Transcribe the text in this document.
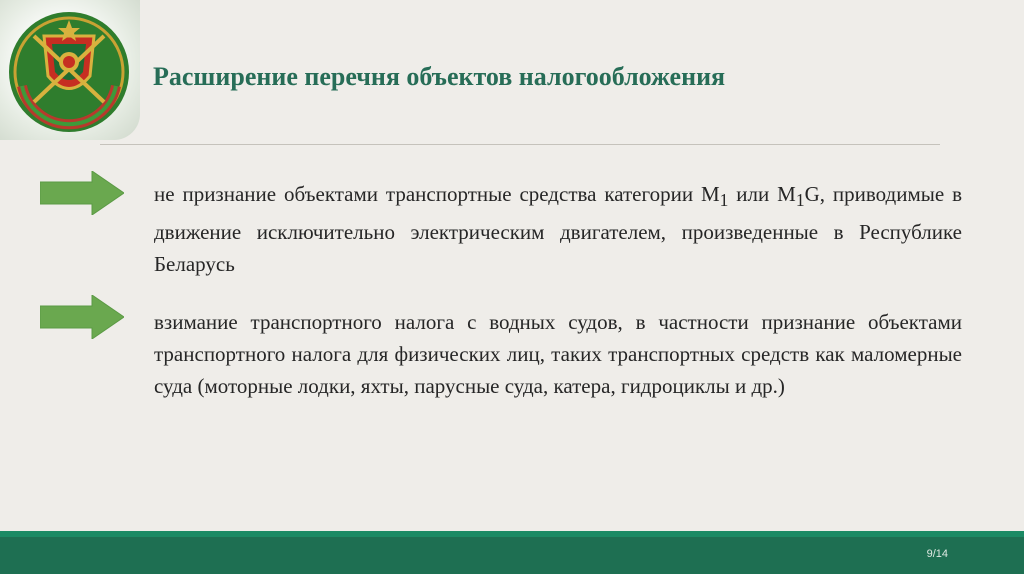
Расширение перечня объектов налогообложения

не признание объектами транспортные средства категории $М_1$ или $М_1G$, приводимые в движение исключительно электрическим двигателем, произведенные в Республике Беларусь

взимание транспортного налога с водных судов, в частности признание объектами транспортного налога для физических лиц, таких транспортных средств как маломерные суда (моторные лодки, яхты, парусные суда, катера, гидроциклы и др.)

9/14
